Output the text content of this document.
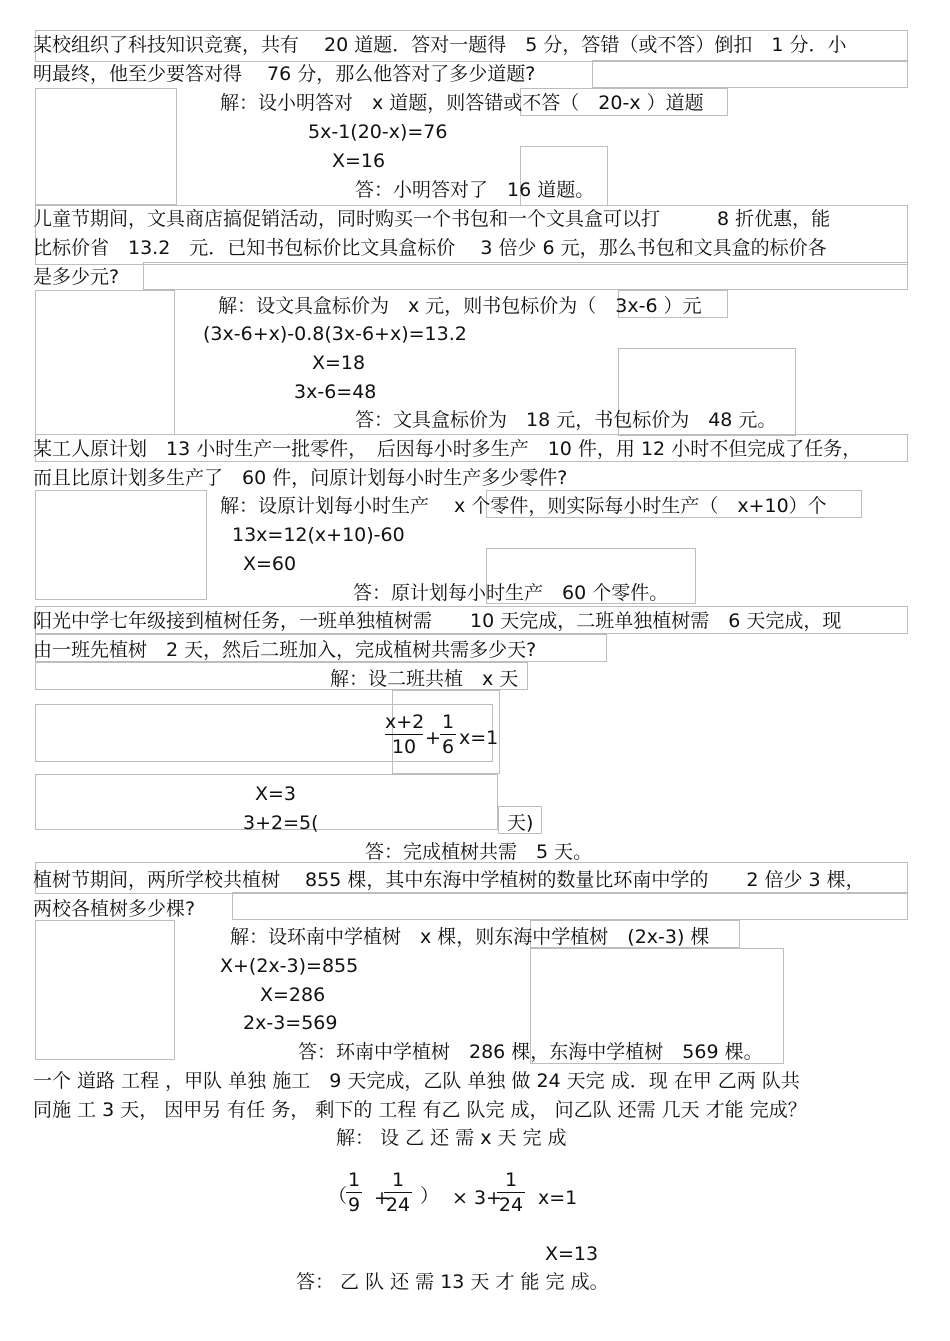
某校组织了科技知识竞赛，共有　 20 道题．答对一题得　5 分，答错（或不答）倒扣　1 分．小
明最终，他至少要答对得　 76 分，那么他答对了多少道题?
解：设小明答对　x 道题，则答错或不答（　20-x ）道题
5x-1(20-x)=76
X=16
答：小明答对了　16 道题。
儿童节期间，文具商店搞促销活动，同时购买一个书包和一个文具盒可以打　　　8 折优惠，能
比标价省　13.2　元．已知书包标价比文具盒标价　 3 倍少 6 元，那么书包和文具盒的标价各
是多少元?
解：设文具盒标价为　x 元，则书包标价为（　3x-6 ）元
(3x-6+x)-0.8(3x-6+x)=13.2
X=18
3x-6=48
答：文具盒标价为　18 元，书包标价为　48 元。
某工人原计划　13 小时生产一批零件，　后因每小时多生产　10 件，用 12 小时不但完成了任务，
而且比原计划多生产了　60 件，问原计划每小时生产多少零件?
解：设原计划每小时生产　 x 个零件，则实际每小时生产（　x+10）个
13x=12(x+10)-60
X=60
答：原计划每小时生产　60 个零件。
阳光中学七年级接到植树任务，一班单独植树需　　10 天完成，二班单独植树需　6 天完成，现
由一班先植树　2 天，然后二班加入，完成植树共需多少天?
解：设二班共植　x 天
x+2
10 +
1
6 x=1
X=3
3+2=5(	天)
答：完成植树共需　5 天。
植树节期间，两所学校共植树　 855 棵，其中东海中学植树的数量比环南中学的　　2 倍少 3 棵，
两校各植树多少棵?
解：设环南中学植树　x 棵，则东海中学植树　(2x-3) 棵
X+(2x-3)=855
X=286
2x-3=569
答：环南中学植树　286 棵，东海中学植树　569 棵。
一个 道路 工程 ，甲队 单独 施工　9 天完成，乙队 单独 做 24 天完 成．现 在甲 乙两 队共
同施 工 3 天， 因甲另 有任 务， 剩下的 工程 有乙 队完 成， 问乙队 还需 几天 才能 完成？
解： 设 乙 还 需 x 天 完 成
（
1
9 +
1
24 ） × 3+
1
24 x=1
X=13
答： 乙 队 还 需 13 天 才 能 完 成。
